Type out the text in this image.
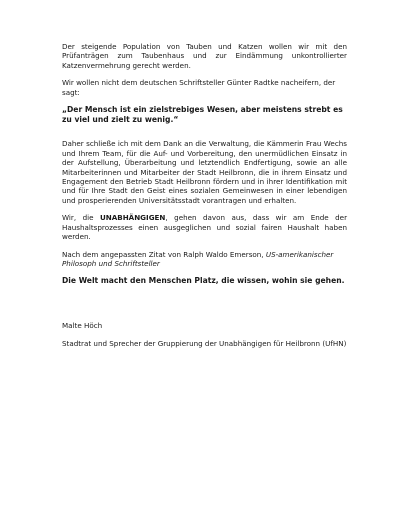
Der steigende Population von Tauben und Katzen wollen wir mit den Prüfanträgen zum Taubenhaus und zur Eindämmung unkontrollierter Katzenvermehrung gerecht werden.

Wir wollen nicht dem deutschen Schriftsteller Günter Radtke nacheifern, der sagt:

„Der Mensch ist ein zielstrebiges Wesen, aber meistens strebt es zu viel und zielt zu wenig.“

Daher schließe ich mit dem Dank an die Verwaltung, die Kämmerin Frau Wechs und Ihrem Team, für die Auf- und Vorbereitung, den unermüdlichen Einsatz in der Aufstellung, Überarbeitung und letztendlich Endfertigung, sowie an alle Mitarbeiterinnen und Mitarbeiter der Stadt Heilbronn, die in ihrem Einsatz und Engagement den Betrieb Stadt Heilbronn fördern und in ihrer Identifikation mit und für Ihre Stadt den Geist eines sozialen Gemeinwesen in einer lebendigen und prosperierenden Universitätsstadt vorantragen und erhalten.

Wir, die UNABHÄNGIGEN, gehen davon aus, dass wir am Ende der Haushaltsprozesses einen ausgeglichen und sozial fairen Haushalt haben werden.

Nach dem angepassten Zitat von Ralph Waldo Emerson, US-amerikanischer Philosoph und Schriftsteller

Die Welt macht den Menschen Platz, die wissen, wohin sie gehen.

Malte Höch

Stadtrat und Sprecher der Gruppierung der Unabhängigen für Heilbronn (UfHN)
